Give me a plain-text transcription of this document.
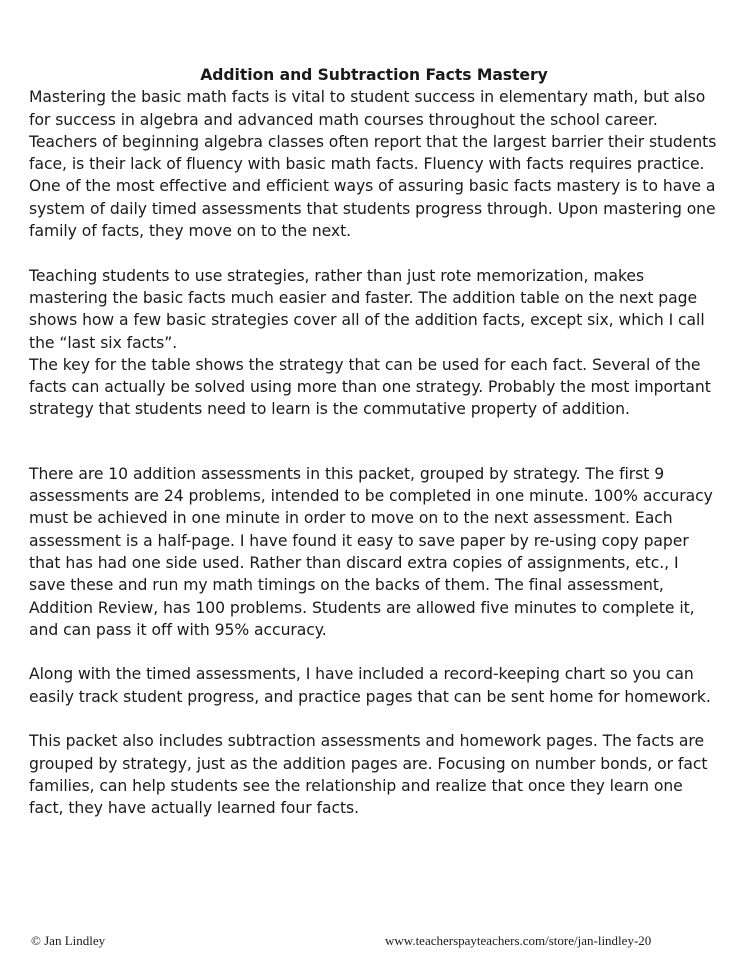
Addition and Subtraction Facts Mastery

Mastering the basic math facts is vital to student success in elementary math, but also for success in algebra and advanced math courses throughout the school career. Teachers of beginning algebra classes often report that the largest barrier their students face, is their lack of fluency with basic math facts. Fluency with facts requires practice. One of the most effective and efficient ways of assuring basic facts mastery is to have a system of daily timed assessments that students progress through. Upon mastering one family of facts, they move on to the next.

Teaching students to use strategies, rather than just rote memorization, makes mastering the basic facts much easier and faster. The addition table on the next page shows how a few basic strategies cover all of the addition facts, except six, which I call the “last six facts”.

The key for the table shows the strategy that can be used for each fact. Several of the facts can actually be solved using more than one strategy. Probably the most important strategy that students need to learn is the commutative property of addition.

There are 10 addition assessments in this packet, grouped by strategy. The first 9 assessments are 24 problems, intended to be completed in one minute. 100% accuracy must be achieved in one minute in order to move on to the next assessment. Each assessment is a half-page. I have found it easy to save paper by re-using copy paper that has had one side used. Rather than discard extra copies of assignments, etc., I save these and run my math timings on the backs of them. The final assessment, Addition Review, has 100 problems. Students are allowed five minutes to complete it, and can pass it off with 95% accuracy.

Along with the timed assessments, I have included a record-keeping chart so you can easily track student progress, and practice pages that can be sent home for homework.

This packet also includes subtraction assessments and homework pages. The facts are grouped by strategy, just as the addition pages are. Focusing on number bonds, or fact families, can help students see the relationship and realize that once they learn one fact, they have actually learned four facts.

© Jan Lindley	www.teacherspayteachers.com/store/jan-lindley-20
